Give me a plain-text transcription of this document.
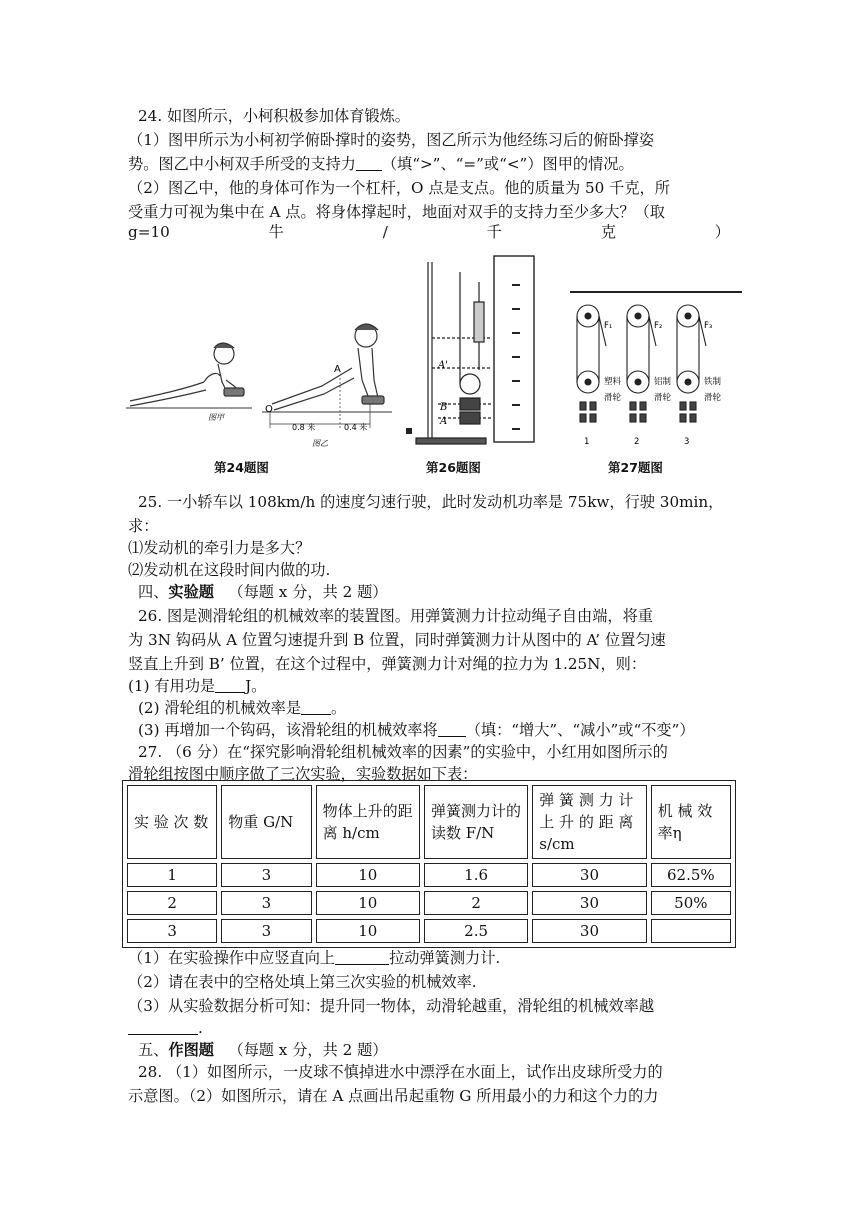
24. 如图所示，小柯积极参加体育锻炼。
（1）图甲所示为小柯初学俯卧撑时的姿势，图乙所示为他经练习后的俯卧撑姿
势。图乙中小柯双手所受的支持力 （填“>”、“=”或“<”）图甲的情况。
（2）图乙中，他的身体可作为一个杠杆，O 点是支点。他的质量为 50 千克，所
受重力可视为集中在 A 点。将身体撑起时，地面对双手的支持力至少多大？（取
g=10	牛	/	千	克	）
图甲
A
O
0.8 米	0.4 米
图乙
第24题图
A'
B
A
第26题图
F₁	F₂	F₃
塑料
滑轮
铝制
滑轮
铁制
滑轮
1	2	3
第27题图
25. 一小轿车以 108km/h 的速度匀速行驶，此时发动机功率是 75kw，行驶 30min，
求：
⑴发动机的牵引力是多大？
⑵发动机在这段时间内做的功.
四、实验题 （每题 x 分，共 2 题）
26. 图是测滑轮组的机械效率的装置图。用弹簧测力计拉动绳子自由端，将重
为 3N 钩码从 A 位置匀速提升到 B 位置，同时弹簧测力计从图中的 A’ 位置匀速
竖直上升到 B’ 位置，在这个过程中，弹簧测力计对绳的拉力为 1.25N，则：
(1) 有用功是 J。
(2) 滑轮组的机械效率是 。
(3) 再增加一个钩码，该滑轮组的机械效率将 （填：“增大”、“减小”或“不变”）
27. （6 分）在“探究影响滑轮组机械效率的因素”的实验中，小红用如图所示的
滑轮组按图中顺序做了三次实验，实验数据如下表：
实 验 次 数	物重 G/N	物体上升的距离 h/cm	弹簧测力计的读数 F/N	弹 簧 测 力 计 上 升 的 距 离 s/cm	机 械 效 率η
1	3	10	1.6	30	62.5%
2	3	10	2	30	50%
3	3	10	2.5	30	
（1）在实验操作中应竖直向上	拉动弹簧测力计.
（2）请在表中的空格处填上第三次实验的机械效率.
（3）从实验数据分析可知：提升同一物体，动滑轮越重，滑轮组的机械效率越
.
五、作图题 （每题 x 分，共 2 题）
28. （1）如图所示，一皮球不慎掉进水中漂浮在水面上，试作出皮球所受力的
示意图。（2）如图所示，请在 A 点画出吊起重物 G 所用最小的力和这个力的力
